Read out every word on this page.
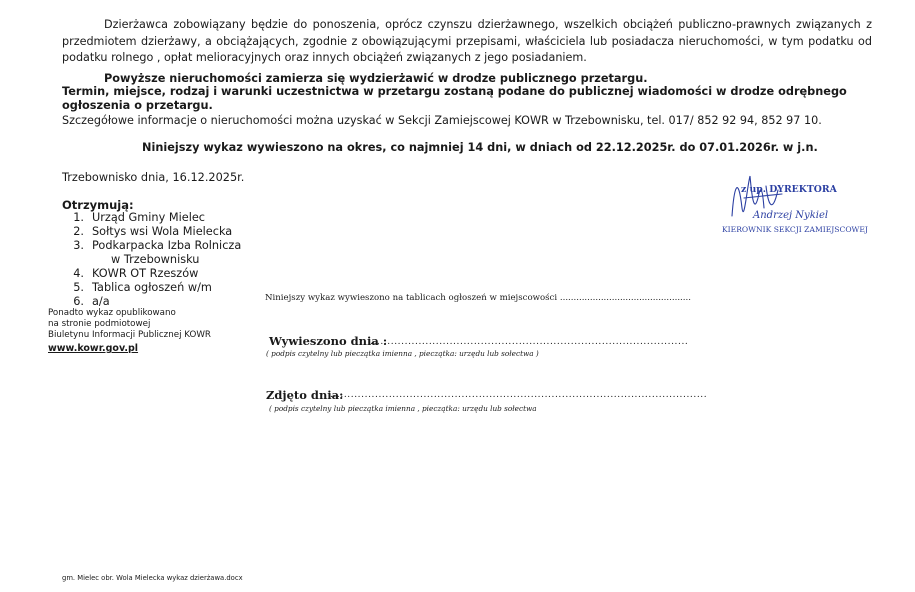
Dzierżawca zobowiązany będzie do ponoszenia, oprócz czynszu dzierżawnego, wszelkich obciążeń publiczno-prawnych związanych z przedmiotem dzierżawy, a obciążających, zgodnie z obowiązującymi przepisami, właściciela lub posiadacza nieruchomości, w tym podatku od podatku rolnego , opłat melioracyjnych oraz innych obciążeń związanych z jego posiadaniem.
Powyższe nieruchomości zamierza się wydzierżawić w drodze publicznego przetargu.
Termin, miejsce, rodzaj i warunki uczestnictwa w przetargu zostaną podane do publicznej wiadomości w drodze odrębnego ogłoszenia o przetargu.
Szczegółowe informacje o nieruchomości można uzyskać w Sekcji Zamiejscowej KOWR w Trzebownisku, tel. 017/ 852 92 94, 852 97 10.
Niniejszy wykaz wywieszono na okres, co najmniej 14 dni, w dniach od 22.12.2025r. do 07.01.2026r. w j.n.
Trzebownisko dnia, 16.12.2025r.
Otrzymują:
1. Urząd Gminy Mielec
2. Sołtys wsi Wola Mielecka
3. Podkarpacka Izba Rolnicza
w Trzebownisku
4. KOWR OT Rzeszów
5. Tablica ogłoszeń w/m
6. a/a
Ponadto wykaz opublikowano
na stronie podmiotowej
Biuletynu Informacji Publicznej KOWR
www.kowr.gov.pl
Niniejszy wykaz wywieszono na tablicach ogłoszeń w miejscowości ................................................
Wywieszono dnia :
............................................................................................
( podpis czytelny lub pieczątka imienna , pieczątka: urzędu lub sołectwa )
Zdjęto dnia:
.............................................................................................................
( podpis czytelny lub pieczątka imienna , pieczątka: urzędu lub sołectwa
z up. DYREKTORA
Andrzej Nykiel
KIEROWNIK SEKCJI ZAMIEJSCOWEJ
gm. Mielec obr. Wola Mielecka wykaz dzierżawa.docx
